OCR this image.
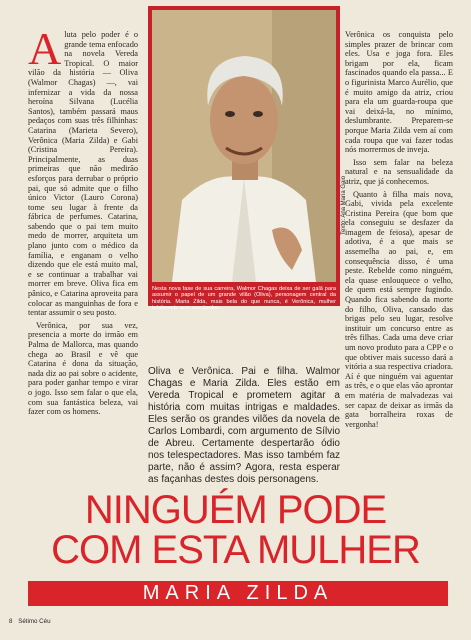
Aluta pelo poder é o grande tema enfocado na novela Vereda Tropical. O maior vilão da história — Oliva (Walmor Chagas) —, vai infernizar a vida da nossa heroína Silvana (Lucélia Santos), também passará maus pedaços com suas três filhinhas: Catarina (Marieta Severo), Verônica (Maria Zilda) e Gabi (Cristina Pereira). Principalmente, as duas primeiras que não medirão esforços para derrubar o próprio pai, que só admite que o filho único Victor (Lauro Corona) tome seu lugar à frente da fábrica de perfumes. Catarina, sabendo que o pai tem muito medo de morrer, arquiteta um plano junto com o médico da família, e enganam o velho dizendo que ele está muito mal, e se continuar a trabalhar vai morrer em breve. Oliva fica em pânico, e Catarina aproveita para colocar as manguinhas de fora e tentar assumir o seu posto.

Verônica, por sua vez, presencia a morte do irmão em Palma de Mallorca, mas quando chega ao Brasil e vê que Catarina é dona da situação, nada diz ao pai sobre o acidente, para poder ganhar tempo e virar o jogo. Isso sem falar o que ela, com sua fantástica beleza, vai fazer com os homens.

Nesta nova fase de sua carreira, Walmor Chagas deixa de ser galã para assumir o papel de um grande vilão (Oliva), personagem central da história. Maria Zilda, mais bela do que nunca, é Verônica, mulher totalmente sem escrúpulos.
Texto: Ana Maria Gaio

Verônica os conquista pelo simples prazer de brincar com eles. Usa e joga fora. Eles brigam por ela, ficam fascinados quando ela passa... E o figurinista Marco Aurélio, que é muito amigo da atriz, criou para ela um guarda-roupa que vai deixá-la, no mínimo, deslumbrante. Preparem-se porque Maria Zilda vem aí com cada roupa que vai fazer todas nós morrermos de inveja.

Isso sem falar na beleza natural e na sensualidade da atriz, que já conhecemos.

Quanto à filha mais nova, Gabi, vivida pela excelente Cristina Pereira (que bom que ela conseguiu se desfazer da imagem de feiosa), apesar de adotiva, é a que mais se assemelha ao pai, e, em consequência disso, é uma peste. Rebelde como ninguém, ela quase enlouquece o velho, de quem está sempre fugindo. Quando fica sabendo da morte do filho, Oliva, cansado das brigas pelo seu lugar, resolve instituir um concurso entre as três filhas. Cada uma deve criar um novo produto para a CPP e o que obtiver mais sucesso dará a vitória a sua respectiva criadora. Aí é que ninguém vai aguentar as três, e o que elas vão aprontar em matéria de malvadezas vai ser capaz de deixar as irmãs da gata borralheira roxas de vergonha!

Oliva e Verônica. Pai e filha. Walmor Chagas e Maria Zilda. Eles estão em Vereda Tropical e prometem agitar a história com muitas intrigas e maldades. Eles serão os grandes vilões da novela de Carlos Lombardi, com argumento de Sílvio de Abreu. Certamente despertarão ódio nos telespectadores. Mas isso também faz parte, não é assim? Agora, resta esperar as façanhas destes dois personagens.
NINGUÉM PODE
COM ESTA MULHER
MARIA ZILDA
8 Sétimo Céu
